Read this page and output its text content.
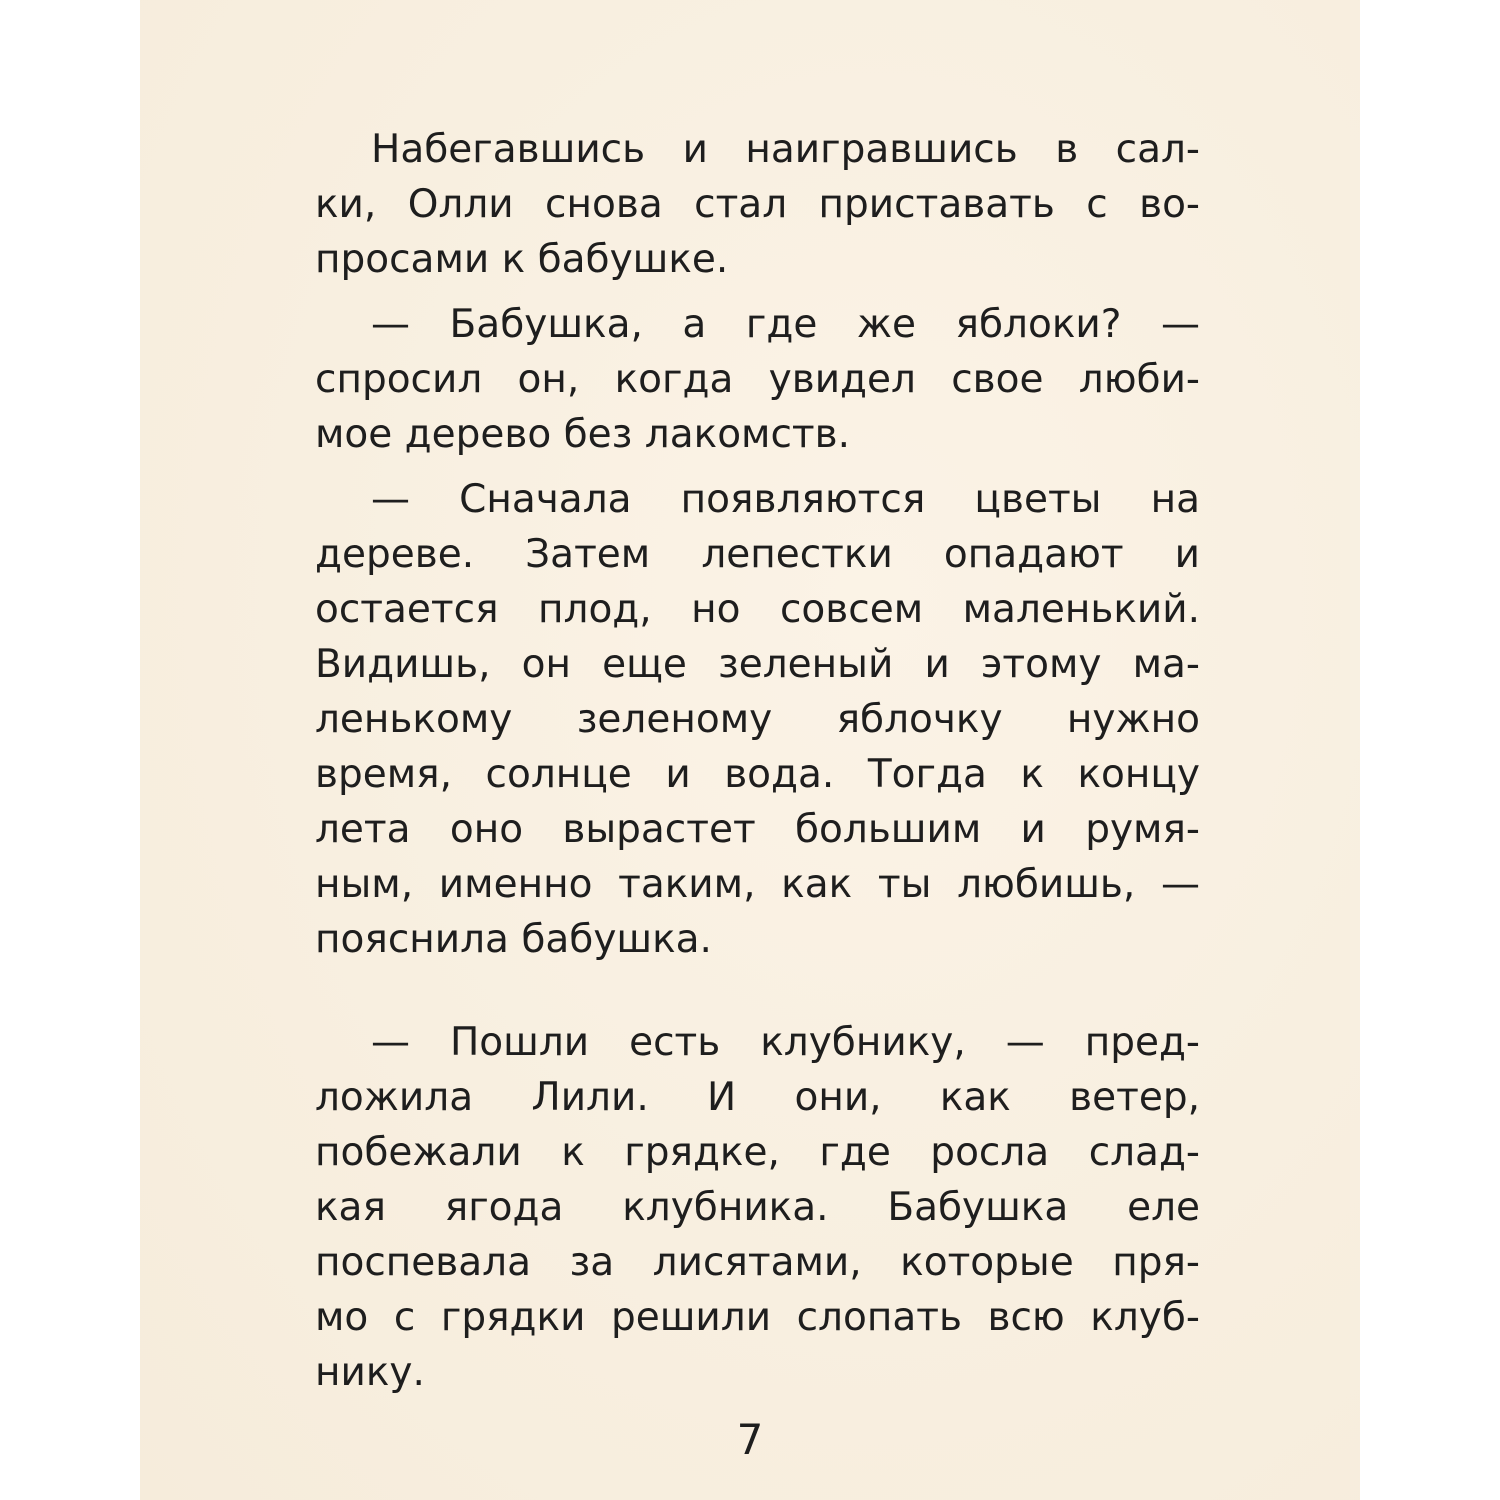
Набегавшись и наигравшись в сал-
ки, Олли снова стал приставать с во-
просами к бабушке.
— Бабушка, а где же яблоки? —
спросил он, когда увидел свое люби-
мое дерево без лакомств.
— Сначала появляются цветы на
дереве. Затем лепестки опадают и
остается плод, но совсем маленький.
Видишь, он еще зеленый и этому ма-
ленькому зеленому яблочку нужно
время, солнце и вода. Тогда к концу
лета оно вырастет большим и румя-
ным, именно таким, как ты любишь, —
пояснила бабушка.
— Пошли есть клубнику, — пред-
ложила Лили. И они, как ветер,
побежали к грядке, где росла слад-
кая ягода клубника. Бабушка еле
поспевала за лисятами, которые пря-
мо с грядки решили слопать всю клуб-
нику.
7
